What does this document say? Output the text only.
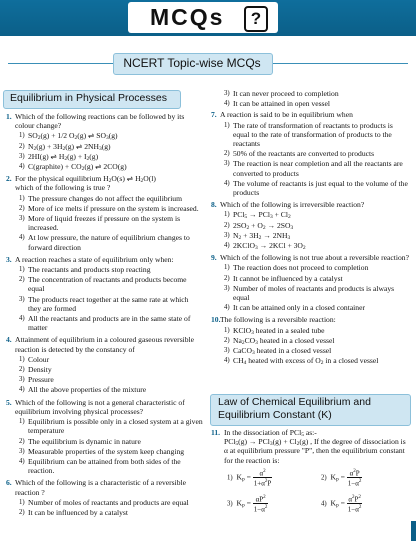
MCQs	?
NCERT Topic-wise MCQs
Equilibrium in Physical Processes
1. Which of the following reactions can be followed by its colour change?
1) $SO_2(g) + 1/2$ $O_2(g)$ ⇌ $SO_3(g)$
2) $N_2(g) + 3H_2(g)$ ⇌ $2NH_3(g)$
3) 2HI(g) ⇌ $H_2(g) + I_2(g)$
4) C(graphite) + $CO_2(g)$ ⇌ 2CO(g)
2. For the physical equilibrium $H_2O(s)$ ⇌ $H_2O(l)$
which of the following is true ?
1) The pressure changes do not affect the equilibrium
2) More of ice melts if pressure on the system is increased.
3) More of liquid freezes if pressure on the system is increased.
4) At low pressure, the nature of equilibrium changes to forward direction
3. A reaction reaches a state of equilibrium only when:
1) The reactants and products stop reacting
2) The concentration of reactants and products become equal
3) The products react together at the same rate at which they are formed
4) All the reactants and products are in the same state of matter
4. Attainment of equilibrium in a coloured gaseous reversible reaction is detected by the constancy of
1) Colour
2) Density
3) Pressure
4) All the above properties of the mixture
5. Which of the following is not a general characteristic of equilibrium involving physical processes?
1) Equilibrium is possible only in a closed system at a given temperature
2) The equilibrium is dynamic in nature
3) Measurable properties of the system keep changing
4) Equilibrium can be attained from both sides of the reaction.
6. Which of the following is a characteristic of a reversible reaction ?
1) Number of moles of reactants and products are equal
2) It can be influenced by a catalyst
3) It can never proceed to completion
4) It can be attained in open vessel
7. A reaction is said to be in equilibrium when
1) The rate of transformation of reactants to products is equal to the rate of transformation of products to the reactants
2) 50% of the reactants are converted to products
3) The reaction is near completion and all the reactants are converted to products
4) The volume of reactants is just equal to the volume of the products
8. Which of the following is irreversible reaction?
1) $PCl_5 \to PCl_3 + Cl_2$
2) $2SO_2 + O_2 \to 2SO_3$
3) $N_2 + 3H_2 \to 2NH_3$
4) 2KClO$_3$ → $2KCl + 3O_2$
9. Which of the following is not true about a reversible reaction?
1) The reaction does not proceed to completion
2) It cannot be influenced by a catalyst
3) Number of moles of reactants and products is always equal
4) It can be attained only in a closed container
10. The following is a reversible reaction:
1) KClO$_3$ heated in a sealed tube
2) $Na_2CO_3$ heated in a closed vessel
3) CaCO$_3$ heated in a closed vessel
4) $CH_4$ heated with excess of $O_2$ in a closed vessel
Law of Chemical Equilibrium and
Equilibrium Constant (K)
11. In the dissociation of PCl$_5$ as:-
$PCl_5(g) \to PCl_3(g) + Cl_2(g)$ , If the degree of dissociation is
α at equilibrium pressure "P", then the equilibrium constant for the reaction is:
1)  $K_p = \frac{\alpha^2}{1+\alpha^2P}$	2)  $K_p = \frac{\alpha^2P}{1-\alpha^2}$
3)  $K_p = \frac{\alpha P^2}{1-\alpha^2}$	4)  $K_p = \frac{\alpha^2P^2}{1-\alpha^2}$
